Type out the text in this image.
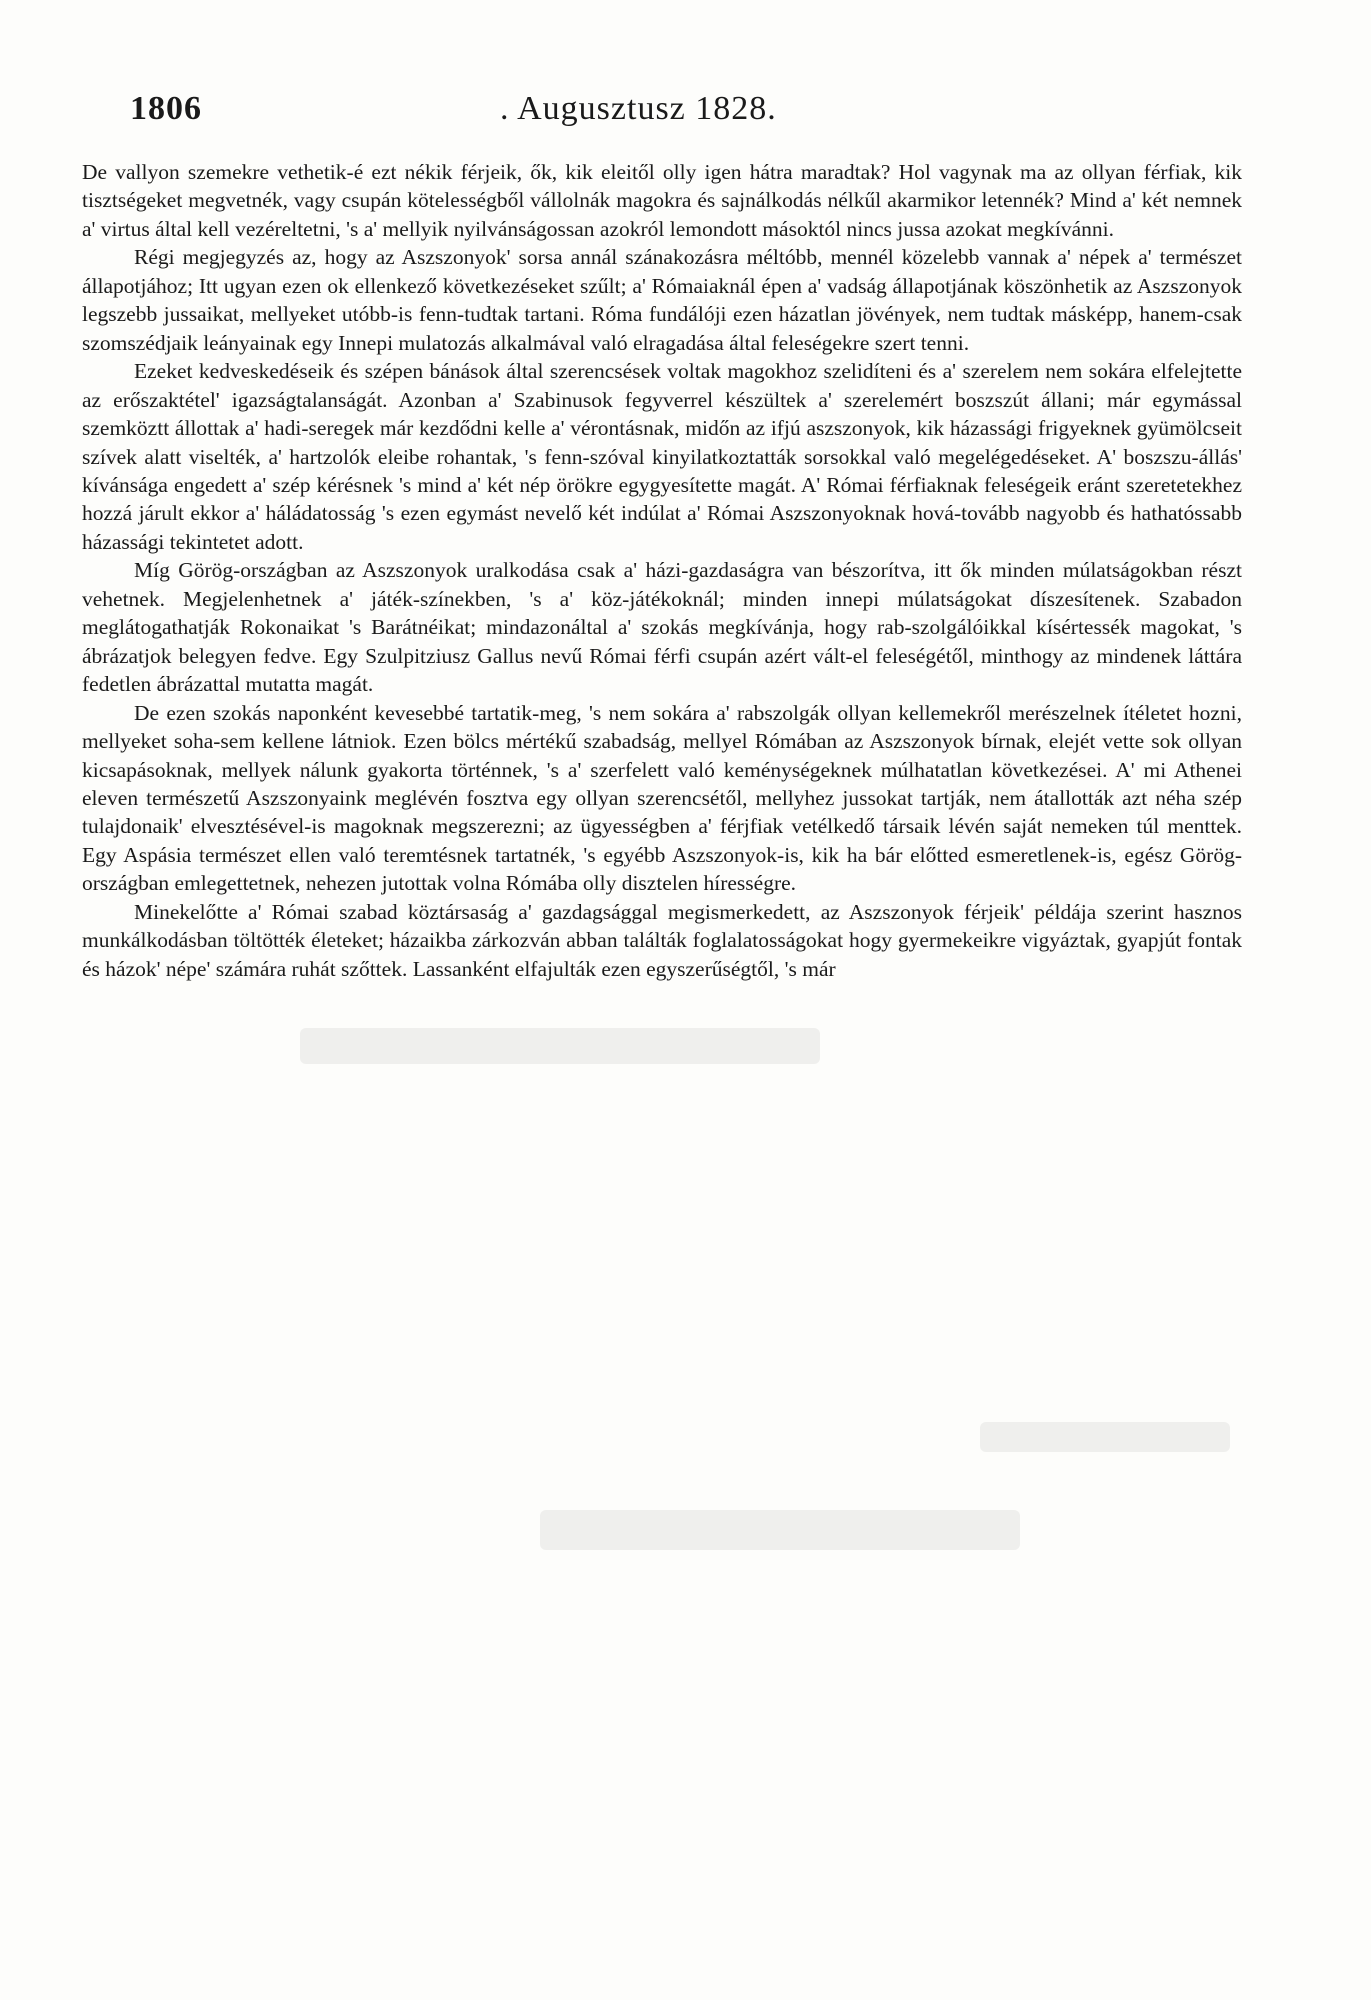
1806	. Augusztusz 1828.

De vallyon szemekre vethetik-é ezt nékik férjeik, ők, kik eleitől olly igen hátra maradtak? Hol vagynak ma az ollyan férfiak, kik tisztségeket megvetnék, vagy csupán kötelességből vállolnák magokra és sajnálkodás nélkűl akarmikor letennék? Mind a' két nemnek a' virtus által kell vezéreltetni, 's a' mellyik nyilvánságossan azokról lemondott másoktól nincs jussa azokat megkívánni.

Régi megjegyzés az, hogy az Aszszonyok' sorsa annál szánakozásra méltóbb, mennél közelebb vannak a' népek a' természet állapotjához; Itt ugyan ezen ok ellenkező következéseket szűlt; a' Rómaiaknál épen a' vadság állapotjának köszönhetik az Aszszonyok legszebb jussaikat, mellyeket utóbb-is fenn-tudtak tartani. Róma fundálóji ezen házatlan jövények, nem tudtak másképp, hanem-csak szomszédjaik leányainak egy Innepi mulatozás alkalmával való elragadása által feleségekre szert tenni.

Ezeket kedveskedéseik és szépen bánások által szerencsések voltak magokhoz szelidíteni és a' szerelem nem sokára elfelejtette az erőszaktétel' igazságtalanságát. Azonban a' Szabinusok fegyverrel készültek a' szerelemért boszszút állani; már egymással szemköztt állottak a' hadi-seregek már kezdődni kelle a' vérontásnak, midőn az ifjú aszszonyok, kik házassági frigyeknek gyümölcseit szívek alatt viselték, a' hartzolók eleibe rohantak, 's fenn-szóval kinyilatkoztatták sorsokkal való megelégedéseket. A' boszszu-állás' kívánsága engedett a' szép kérésnek 's mind a' két nép örökre egygyesítette magát. A' Római férfiaknak feleségeik eránt szeretetekhez hozzá járult ekkor a' háládatosság 's ezen egymást nevelő két indúlat a' Római Aszszonyoknak hová-tovább nagyobb és hathatóssabb házassági tekintetet adott.

Míg Görög-országban az Aszszonyok uralkodása csak a' házi-gazdaságra van bészorítva, itt ők minden múlatságokban részt vehetnek. Megjelenhetnek a' játék-színekben, 's a' köz-játékoknál; minden innepi múlatságokat díszesítenek. Szabadon meglátogathatják Rokonaikat 's Barátnéikat; mindazonáltal a' szokás megkívánja, hogy rab-szolgálóikkal kísértessék magokat, 's ábrázatjok belegyen fedve. Egy Szulpitziusz Gallus nevű Római férfi csupán azért vált-el feleségétől, minthogy az mindenek láttára fedetlen ábrázattal mutatta magát.

De ezen szokás naponként kevesebbé tartatik-meg, 's nem sokára a' rabszolgák ollyan kellemekről merészelnek ítéletet hozni, mellyeket soha-sem kellene látniok. Ezen bölcs mértékű szabadság, mellyel Rómában az Aszszonyok bírnak, elejét vette sok ollyan kicsapásoknak, mellyek nálunk gyakorta történnek, 's a' szerfelett való keménységeknek múlhatatlan következései. A' mi Athenei eleven természetű Aszszonyaink meglévén fosztva egy ollyan szerencsétől, mellyhez jussokat tartják, nem átallották azt néha szép tulajdonaik' elvesztésével-is magoknak megszerezni; az ügyességben a' férjfiak vetélkedő társaik lévén saját nemeken túl menttek. Egy Aspásia természet ellen való teremtésnek tartatnék, 's egyébb Aszszonyok-is, kik ha bár előtted esmeretlenek-is, egész Görög-országban emlegettetnek, nehezen jutottak volna Rómába olly disztelen hírességre.

Minekelőtte a' Római szabad köztársaság a' gazdagsággal megismerkedett, az Aszszonyok férjeik' példája szerint hasznos munkálkodásban töltötték életeket; házaikba zárkozván abban találták foglalatosságokat hogy gyermekeikre vigyáztak, gyapjút fontak és házok' népe' számára ruhát szőttek. Lassanként elfajulták ezen egyszerűségtől, 's már
